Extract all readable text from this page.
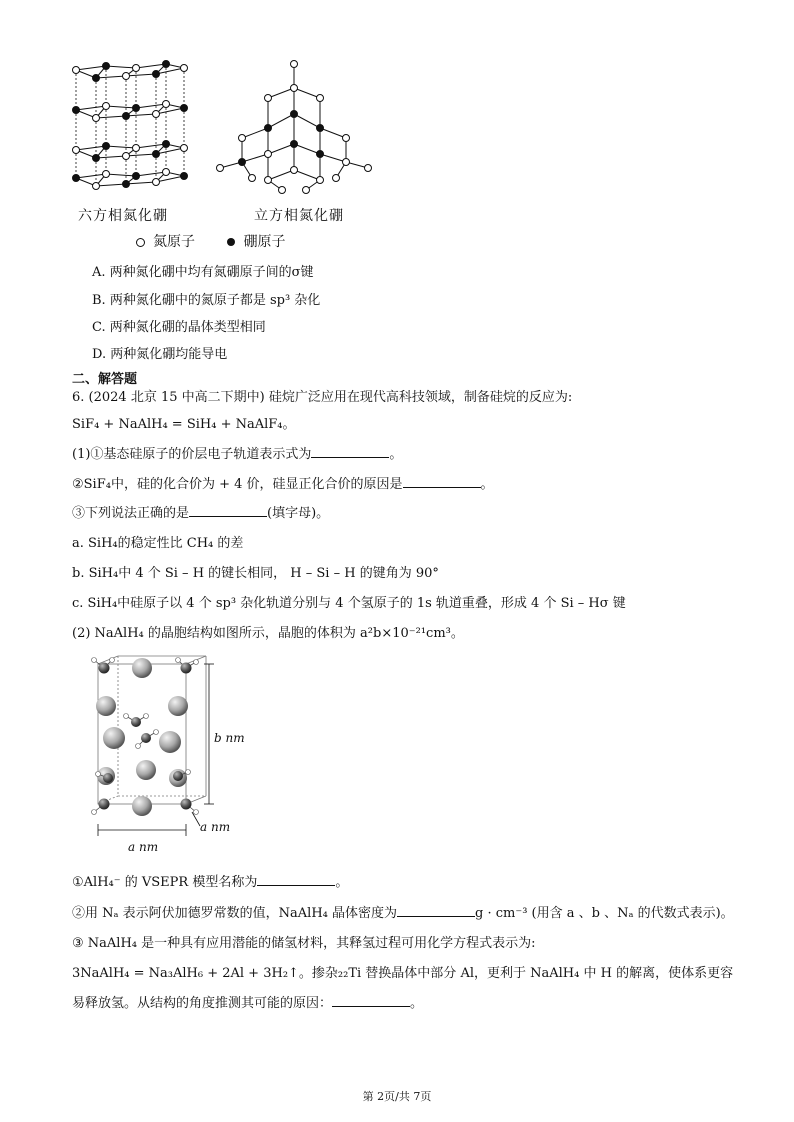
六方相氮化硼	立方相氮化硼
氮原子	硼原子
A. 两种氮化硼中均有氮硼原子间的σ键
B. 两种氮化硼中的氮原子都是 sp³ 杂化
C. 两种氮化硼的晶体类型相同
D. 两种氮化硼均能导电
二、解答题
6. (2024 北京 15 中高二下期中) 硅烷广泛应用在现代高科技领域，制备硅烷的反应为:
SiF₄ + NaAlH₄ = SiH₄ + NaAlF₄。
(1)①基态硅原子的价层电子轨道表示式为	。
②SiF₄中，硅的化合价为 + 4 价，硅显正化合价的原因是	。
③下列说法正确的是	(填字母)。
a. SiH₄的稳定性比 CH₄ 的差
b. SiH₄中 4 个 Si – H 的键长相同， H – Si – H 的键角为 90°
c. SiH₄中硅原子以 4 个 sp³ 杂化轨道分别与 4 个氢原子的 1s 轨道重叠，形成 4 个 Si – Hσ 键
(2) NaAlH₄ 的晶胞结构如图所示，晶胞的体积为 a²b×10⁻²¹cm³。
b nm
a nm
a nm
①AlH₄⁻ 的 VSEPR 模型名称为	。
②用 Nₐ 表示阿伏加德罗常数的值，NaAlH₄ 晶体密度为	g · cm⁻³ (用含 a 、b 、Nₐ 的代数式表示)。
③ NaAlH₄ 是一种具有应用潜能的储氢材料，其释氢过程可用化学方程式表示为:
3NaAlH₄ = Na₃AlH₆ + 2Al + 3H₂↑。掺杂₂₂Ti 替换晶体中部分 Al，更利于 NaAlH₄ 中 H 的解离，使体系更容
易释放氢。从结构的角度推测其可能的原因：	。
第 2页/共 7页
